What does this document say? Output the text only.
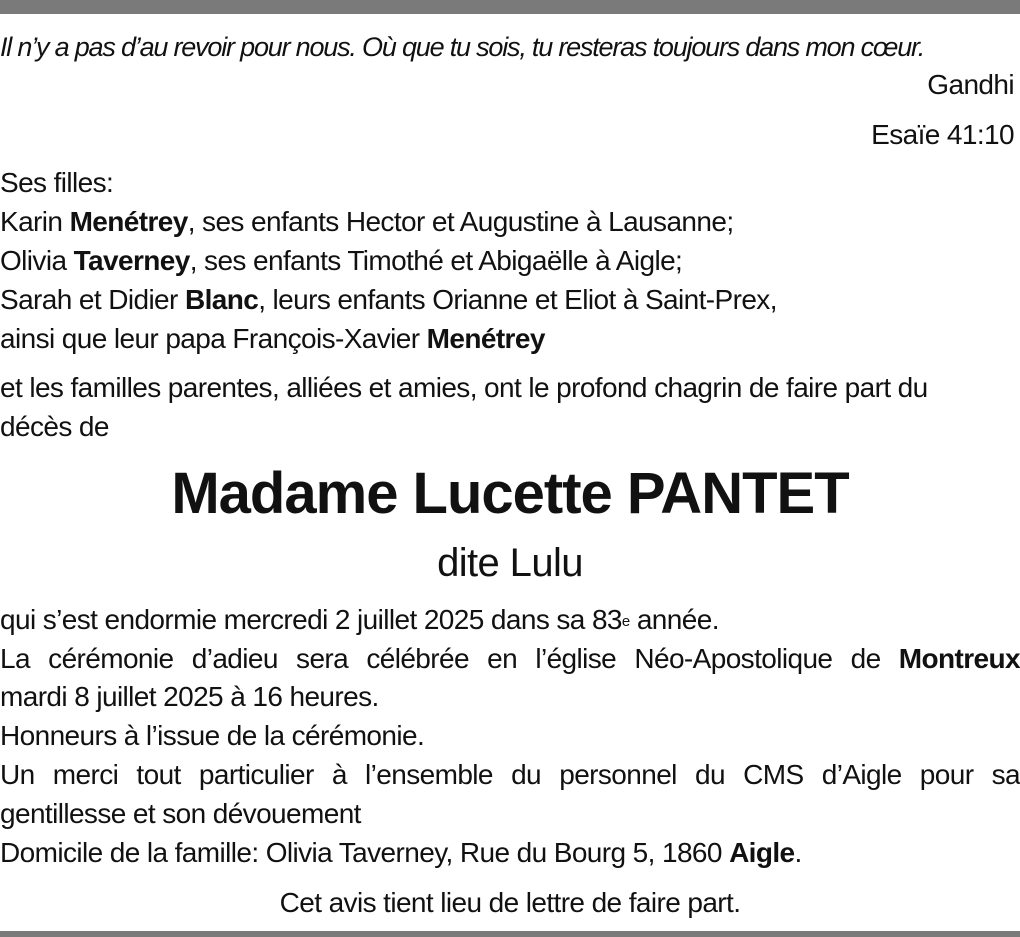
Il n’y a pas d’au revoir pour nous. Où que tu sois, tu resteras toujours dans mon cœur.
Gandhi
Esaïe 41:10
Ses filles:
Karin Menétrey, ses enfants Hector et Augustine à Lausanne;
Olivia Taverney, ses enfants Timothé et Abigaëlle à Aigle;
Sarah et Didier Blanc, leurs enfants Orianne et Eliot à Saint-Prex,
ainsi que leur papa François-Xavier Menétrey
et les familles parentes, alliées et amies, ont le profond chagrin de faire part du
décès de
Madame Lucette PANTET
dite Lulu
qui s’est endormie mercredi 2 juillet 2025 dans sa 83e année.
La cérémonie d’adieu sera célébrée en l’église Néo-Apostolique de Montreux
mardi 8 juillet 2025 à 16 heures.
Honneurs à l’issue de la cérémonie.
Un merci tout particulier à l’ensemble du personnel du CMS d’Aigle pour sa
gentillesse et son dévouement
Domicile de la famille: Olivia Taverney, Rue du Bourg 5, 1860 Aigle.
Cet avis tient lieu de lettre de faire part.
